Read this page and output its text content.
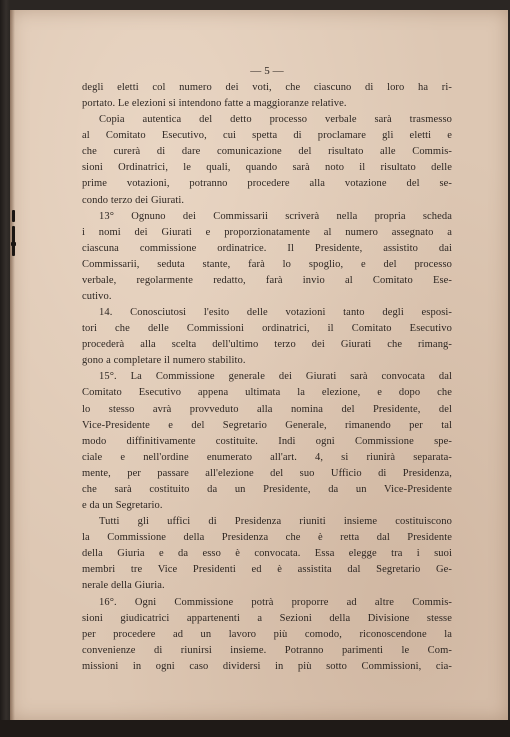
— 5 —
degli eletti col numero dei voti, che ciascuno di loro ha ri-
portato. Le elezioni si intendono fatte a maggioranze relative.
Copia autentica del detto processo verbale sarà trasmesso
al Comitato Esecutivo, cui spetta di proclamare gli eletti e
che curerà di dare comunicazione del risultato alle Commis-
sioni Ordinatrici, le quali, quando sarà noto il risultato delle
prime votazioni, potranno procedere alla votazione del se-
condo terzo dei Giurati.
13° Ognuno dei Commissarii scriverà nella propria scheda
i nomi dei Giurati e proporzionatamente al numero assegnato a
ciascuna commissione ordinatrice. Il Presidente, assistito dai
Commissarii, seduta stante, farà lo spoglio, e del processo
verbale, regolarmente redatto, farà invio al Comitato Ese-
cutivo.
14. Conosciutosi l'esito delle votazioni tanto degli esposi-
tori che delle Commissioni ordinatrici, il Comitato Esecutivo
procederà alla scelta dell'ultimo terzo dei Giurati che rimang-
gono a completare il numero stabilito.
15°. La Commissione generale dei Giurati sarà convocata dal
Comitato Esecutivo appena ultimata la elezione, e dopo che
lo stesso avrà provveduto alla nomina del Presidente, del
Vice-Presidente e del Segretario Generale, rimanendo per tal
modo diffinitivamente costituite. Indi ogni Commissione spe-
ciale e nell'ordine enumerato all'art. 4, si riunirà separata-
mente, per passare all'elezione del suo Ufficio di Presidenza,
che sarà costituito da un Presidente, da un Vice-Presidente
e da un Segretario.
Tutti gli uffici di Presidenza riuniti insieme costituiscono
la Commissione della Presidenza che è retta dal Presidente
della Giuria e da esso è convocata. Essa elegge tra i suoi
membri tre Vice Presidenti ed è assistita dal Segretario Ge-
nerale della Giuria.
16°. Ogni Commissione potrà proporre ad altre Commis-
sioni giudicatrici appartenenti a Sezioni della Divisione stesse
per procedere ad un lavoro più comodo, riconoscendone la
convenienze di riunirsi insieme. Potranno parimenti le Com-
missioni in ogni caso dividersi in più sotto Commissioni, cia-
